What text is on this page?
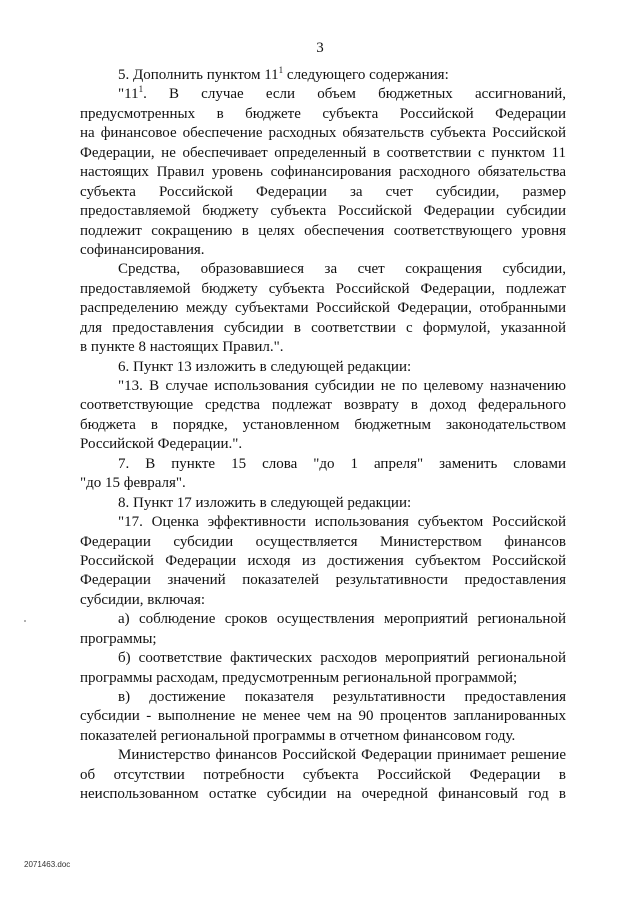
3
5. Дополнить пунктом $11^1$ следующего содержания:
"$11^1$. В случае если объем бюджетных ассигнований,
предусмотренных в бюджете субъекта Российской Федерации
на финансовое обеспечение расходных обязательств субъекта Российской
Федерации, не обеспечивает определенный в соответствии с пунктом 11
настоящих Правил уровень софинансирования расходного обязательства
субъекта Российской Федерации за счет субсидии, размер
предоставляемой бюджету субъекта Российской Федерации субсидии
подлежит сокращению в целях обеспечения соответствующего уровня
софинансирования.
Средства, образовавшиеся за счет сокращения субсидии,
предоставляемой бюджету субъекта Российской Федерации, подлежат
распределению между субъектами Российской Федерации, отобранными
для предоставления субсидии в соответствии с формулой, указанной
в пункте 8 настоящих Правил.".
6. Пункт 13 изложить в следующей редакции:
"13. В случае использования субсидии не по целевому назначению
соответствующие средства подлежат возврату в доход федерального
бюджета в порядке, установленном бюджетным законодательством
Российской Федерации.".
7. В пункте 15 слова "до 1 апреля" заменить словами
"до 15 февраля".
8. Пункт 17 изложить в следующей редакции:
"17. Оценка эффективности использования субъектом Российской
Федерации субсидии осуществляется Министерством финансов
Российской Федерации исходя из достижения субъектом Российской
Федерации значений показателей результативности предоставления
субсидии, включая:
а) соблюдение сроков осуществления мероприятий региональной
программы;
б) соответствие фактических расходов мероприятий региональной
программы расходам, предусмотренным региональной программой;
в) достижение показателя результативности предоставления
субсидии - выполнение не менее чем на 90 процентов запланированных
показателей региональной программы в отчетном финансовом году.
Министерство финансов Российской Федерации принимает решение
об отсутствии потребности субъекта Российской Федерации в
неиспользованном остатке субсидии на очередной финансовый год в
2071463.doc
